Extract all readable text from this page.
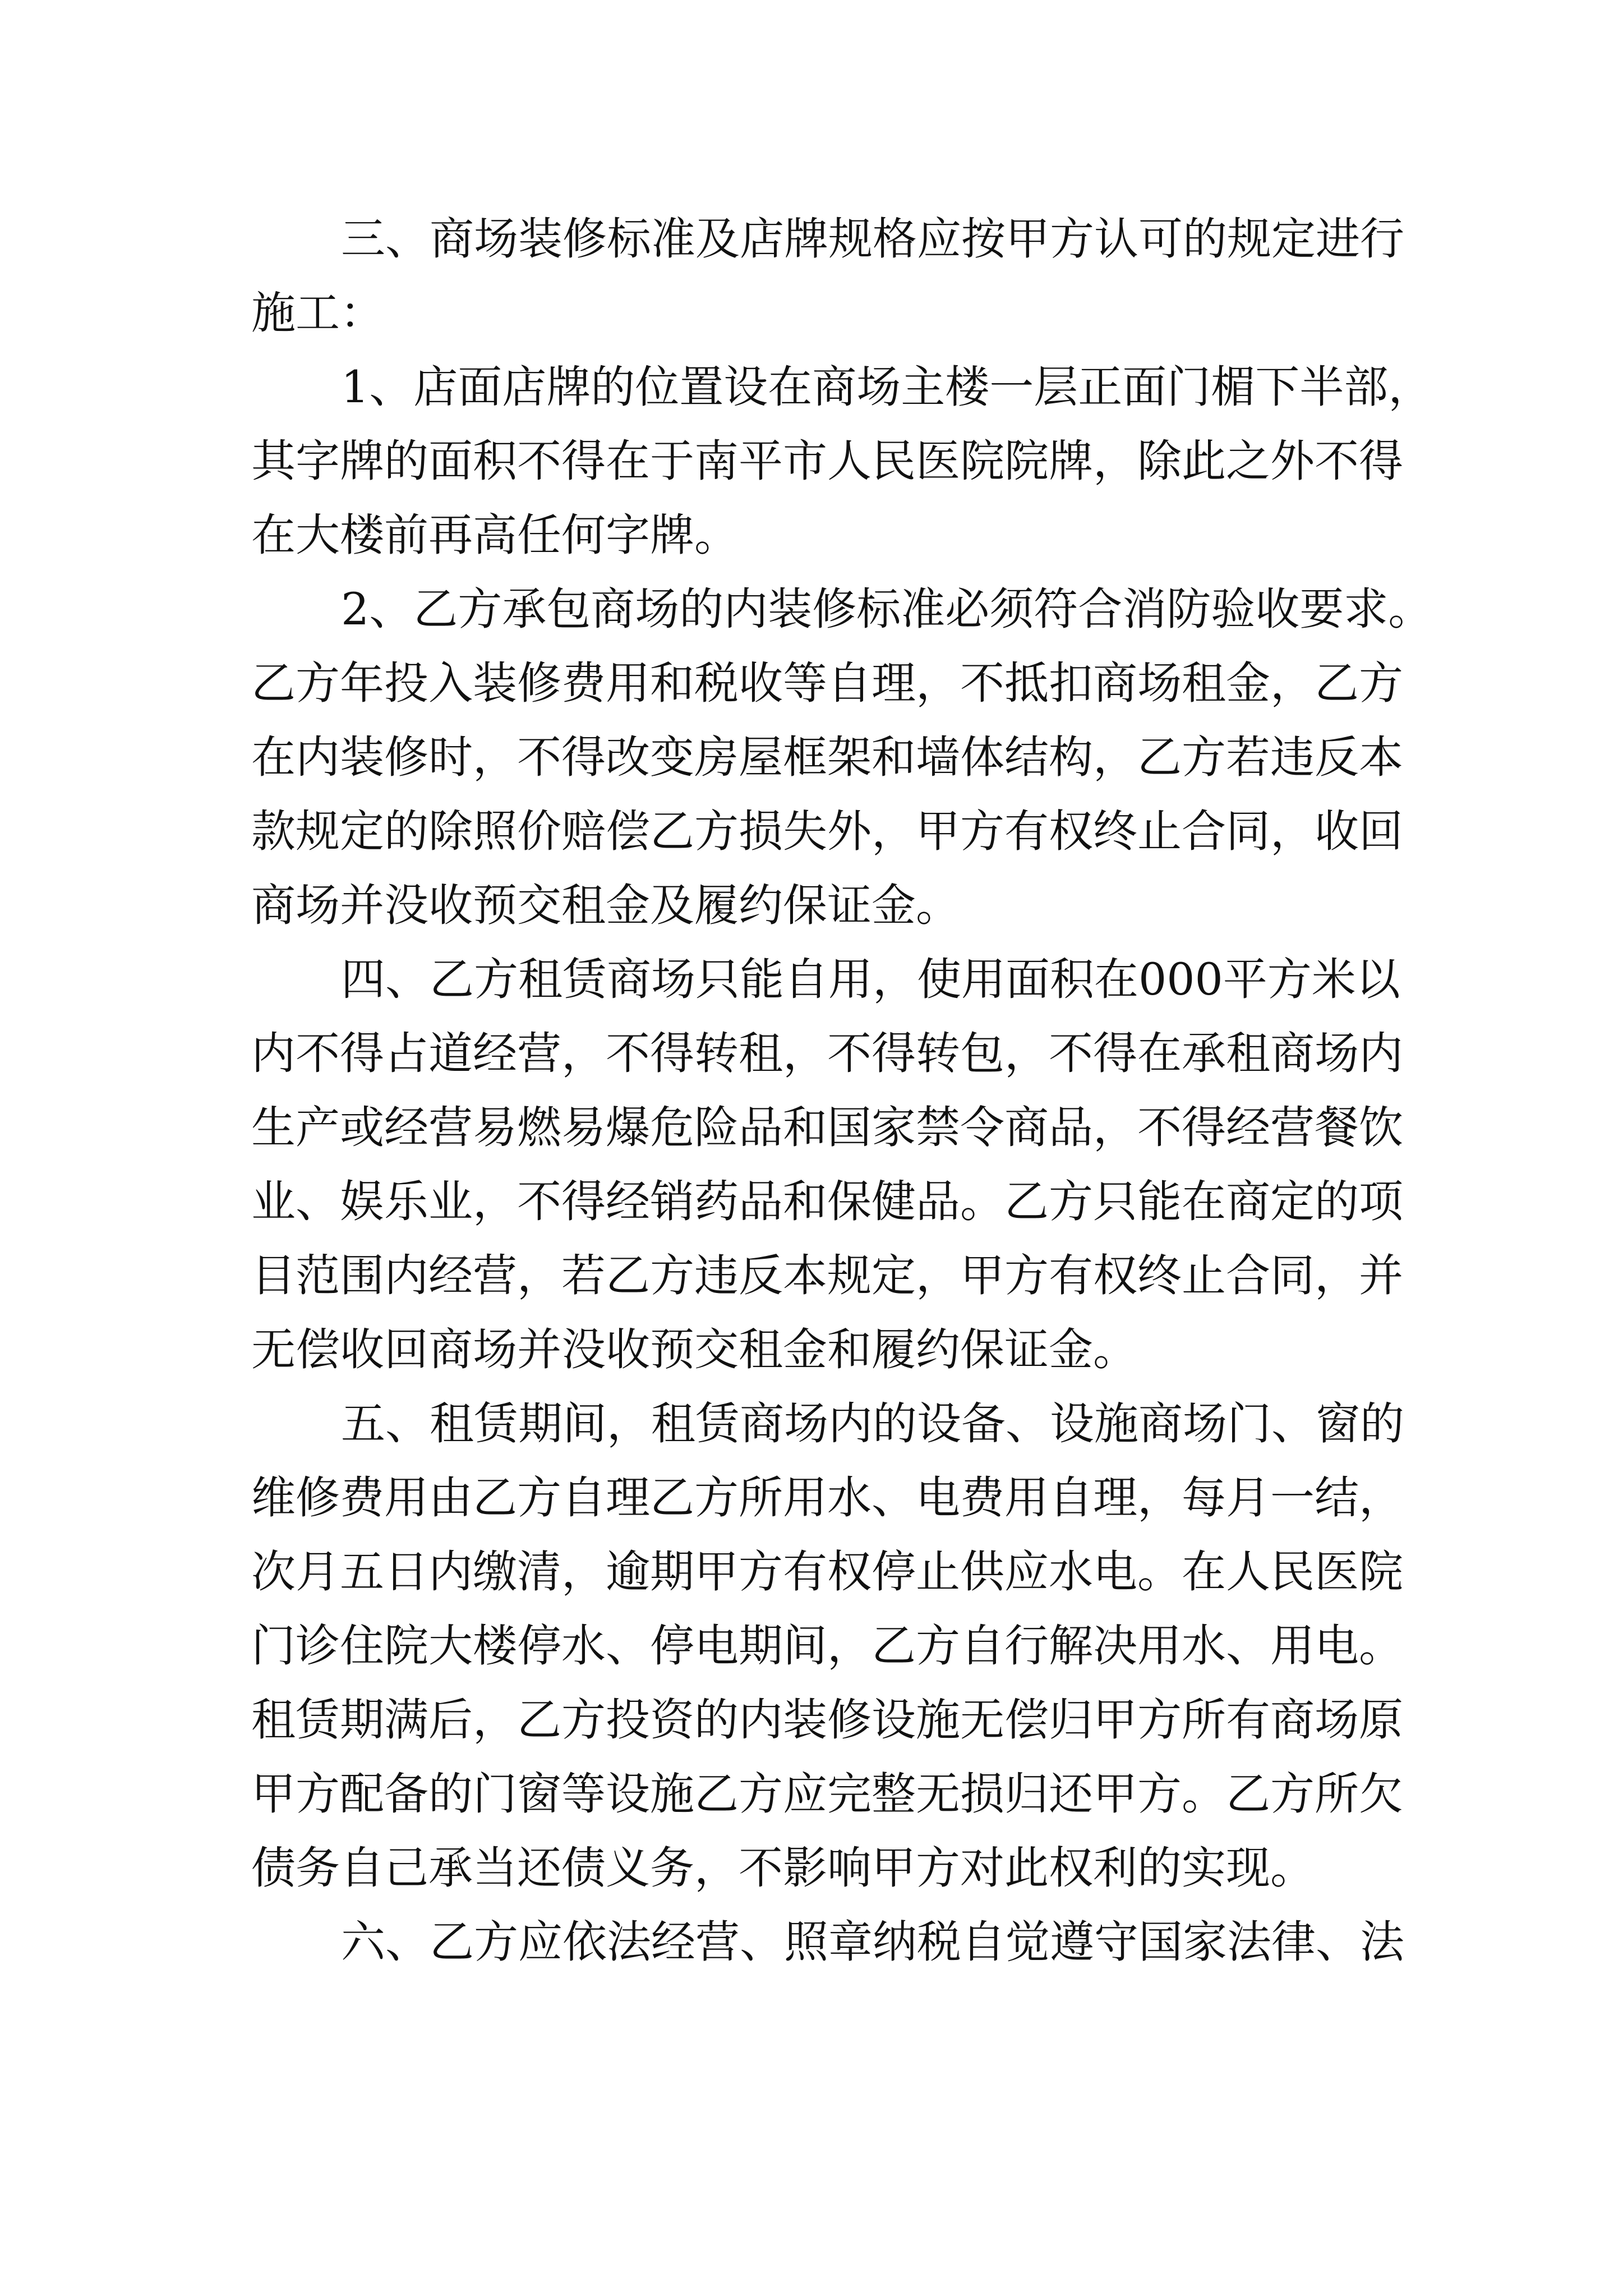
三、商场装修标准及店牌规格应按甲方认可的规定进行
施工：
1、店面店牌的位置设在商场主楼一层正面门楣下半部，
其字牌的面积不得在于南平市人民医院院牌，除此之外不得
在大楼前再高任何字牌。
2、乙方承包商场的内装修标准必须符合消防验收要求。
乙方年投入装修费用和税收等自理，不抵扣商场租金，乙方
在内装修时，不得改变房屋框架和墙体结构，乙方若违反本
款规定的除照价赔偿乙方损失外，甲方有权终止合同，收回
商场并没收预交租金及履约保证金。
四、乙方租赁商场只能自用，使用面积在000平方米以
内不得占道经营，不得转租，不得转包，不得在承租商场内
生产或经营易燃易爆危险品和国家禁令商品，不得经营餐饮
业、娱乐业，不得经销药品和保健品。乙方只能在商定的项
目范围内经营，若乙方违反本规定，甲方有权终止合同，并
无偿收回商场并没收预交租金和履约保证金。
五、租赁期间，租赁商场内的设备、设施商场门、窗的
维修费用由乙方自理乙方所用水、电费用自理，每月一结，
次月五日内缴清，逾期甲方有权停止供应水电。在人民医院
门诊住院大楼停水、停电期间，乙方自行解决用水、用电。
租赁期满后，乙方投资的内装修设施无偿归甲方所有商场原
甲方配备的门窗等设施乙方应完整无损归还甲方。乙方所欠
债务自己承当还债义务，不影响甲方对此权利的实现。
六、乙方应依法经营、照章纳税自觉遵守国家法律、法
